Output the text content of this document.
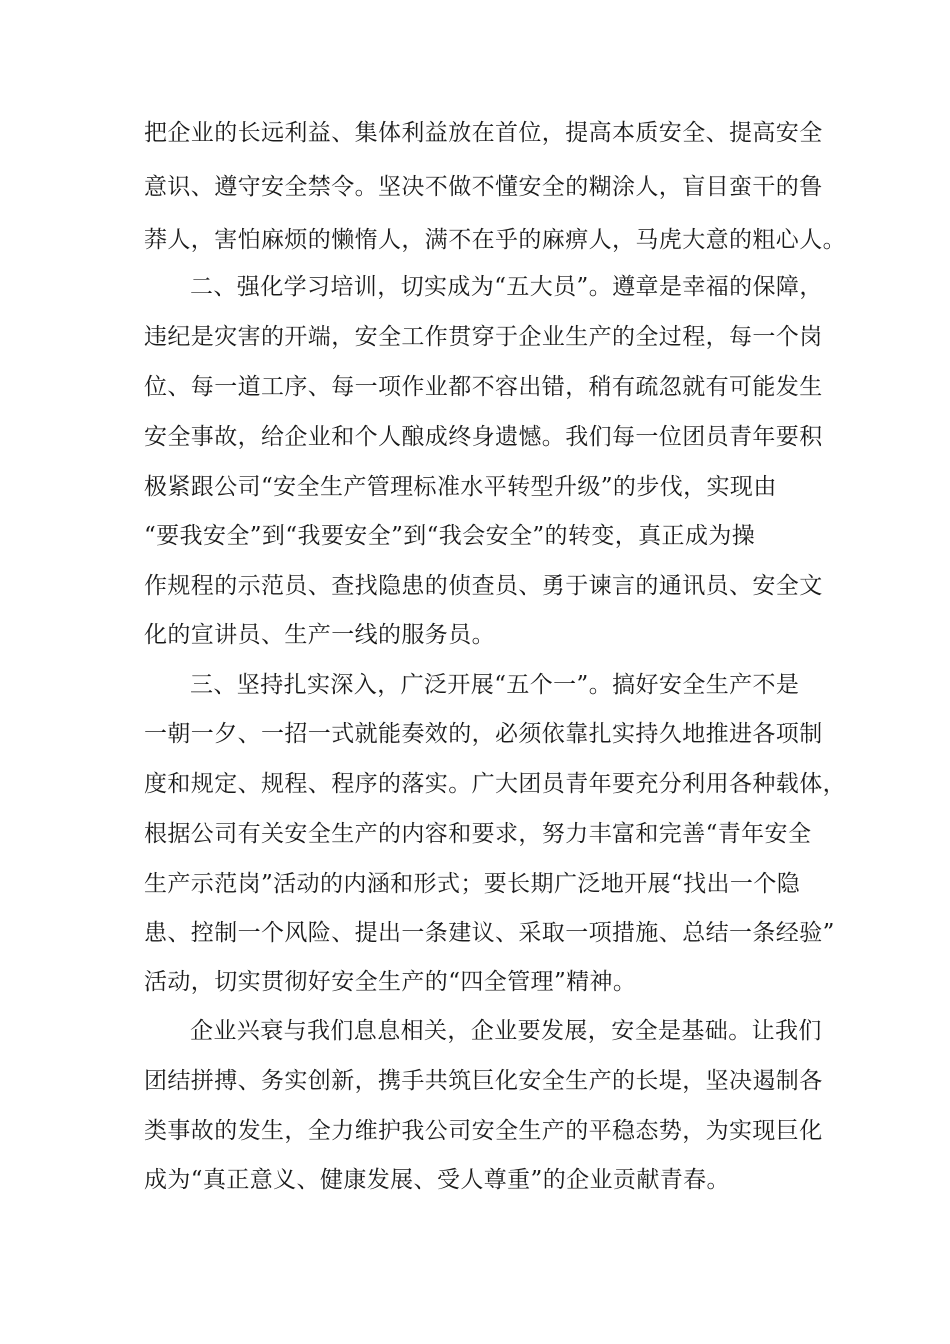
把企业的长远利益、集体利益放在首位，提高本质安全、提高安全
意识、遵守安全禁令。坚决不做不懂安全的糊涂人，盲目蛮干的鲁
莽人，害怕麻烦的懒惰人，满不在乎的麻痹人，马虎大意的粗心人。
二、强化学习培训，切实成为“五大员”。遵章是幸福的保障，
违纪是灾害的开端，安全工作贯穿于企业生产的全过程，每一个岗
位、每一道工序、每一项作业都不容出错，稍有疏忽就有可能发生
安全事故，给企业和个人酿成终身遗憾。我们每一位团员青年要积
极紧跟公司“安全生产管理标准水平转型升级”的步伐，实现由
“要我安全”到“我要安全”到“我会安全”的转变，真正成为操
作规程的示范员、查找隐患的侦查员、勇于谏言的通讯员、安全文
化的宣讲员、生产一线的服务员。
三、坚持扎实深入，广泛开展“五个一”。搞好安全生产不是
一朝一夕、一招一式就能奏效的，必须依靠扎实持久地推进各项制
度和规定、规程、程序的落实。广大团员青年要充分利用各种载体，
根据公司有关安全生产的内容和要求，努力丰富和完善“青年安全
生产示范岗”活动的内涵和形式；要长期广泛地开展“找出一个隐
患、控制一个风险、提出一条建议、采取一项措施、总结一条经验”
活动，切实贯彻好安全生产的“四全管理”精神。
企业兴衰与我们息息相关，企业要发展，安全是基础。让我们
团结拼搏、务实创新，携手共筑巨化安全生产的长堤，坚决遏制各
类事故的发生，全力维护我公司安全生产的平稳态势，为实现巨化
成为“真正意义、健康发展、受人尊重”的企业贡献青春。
